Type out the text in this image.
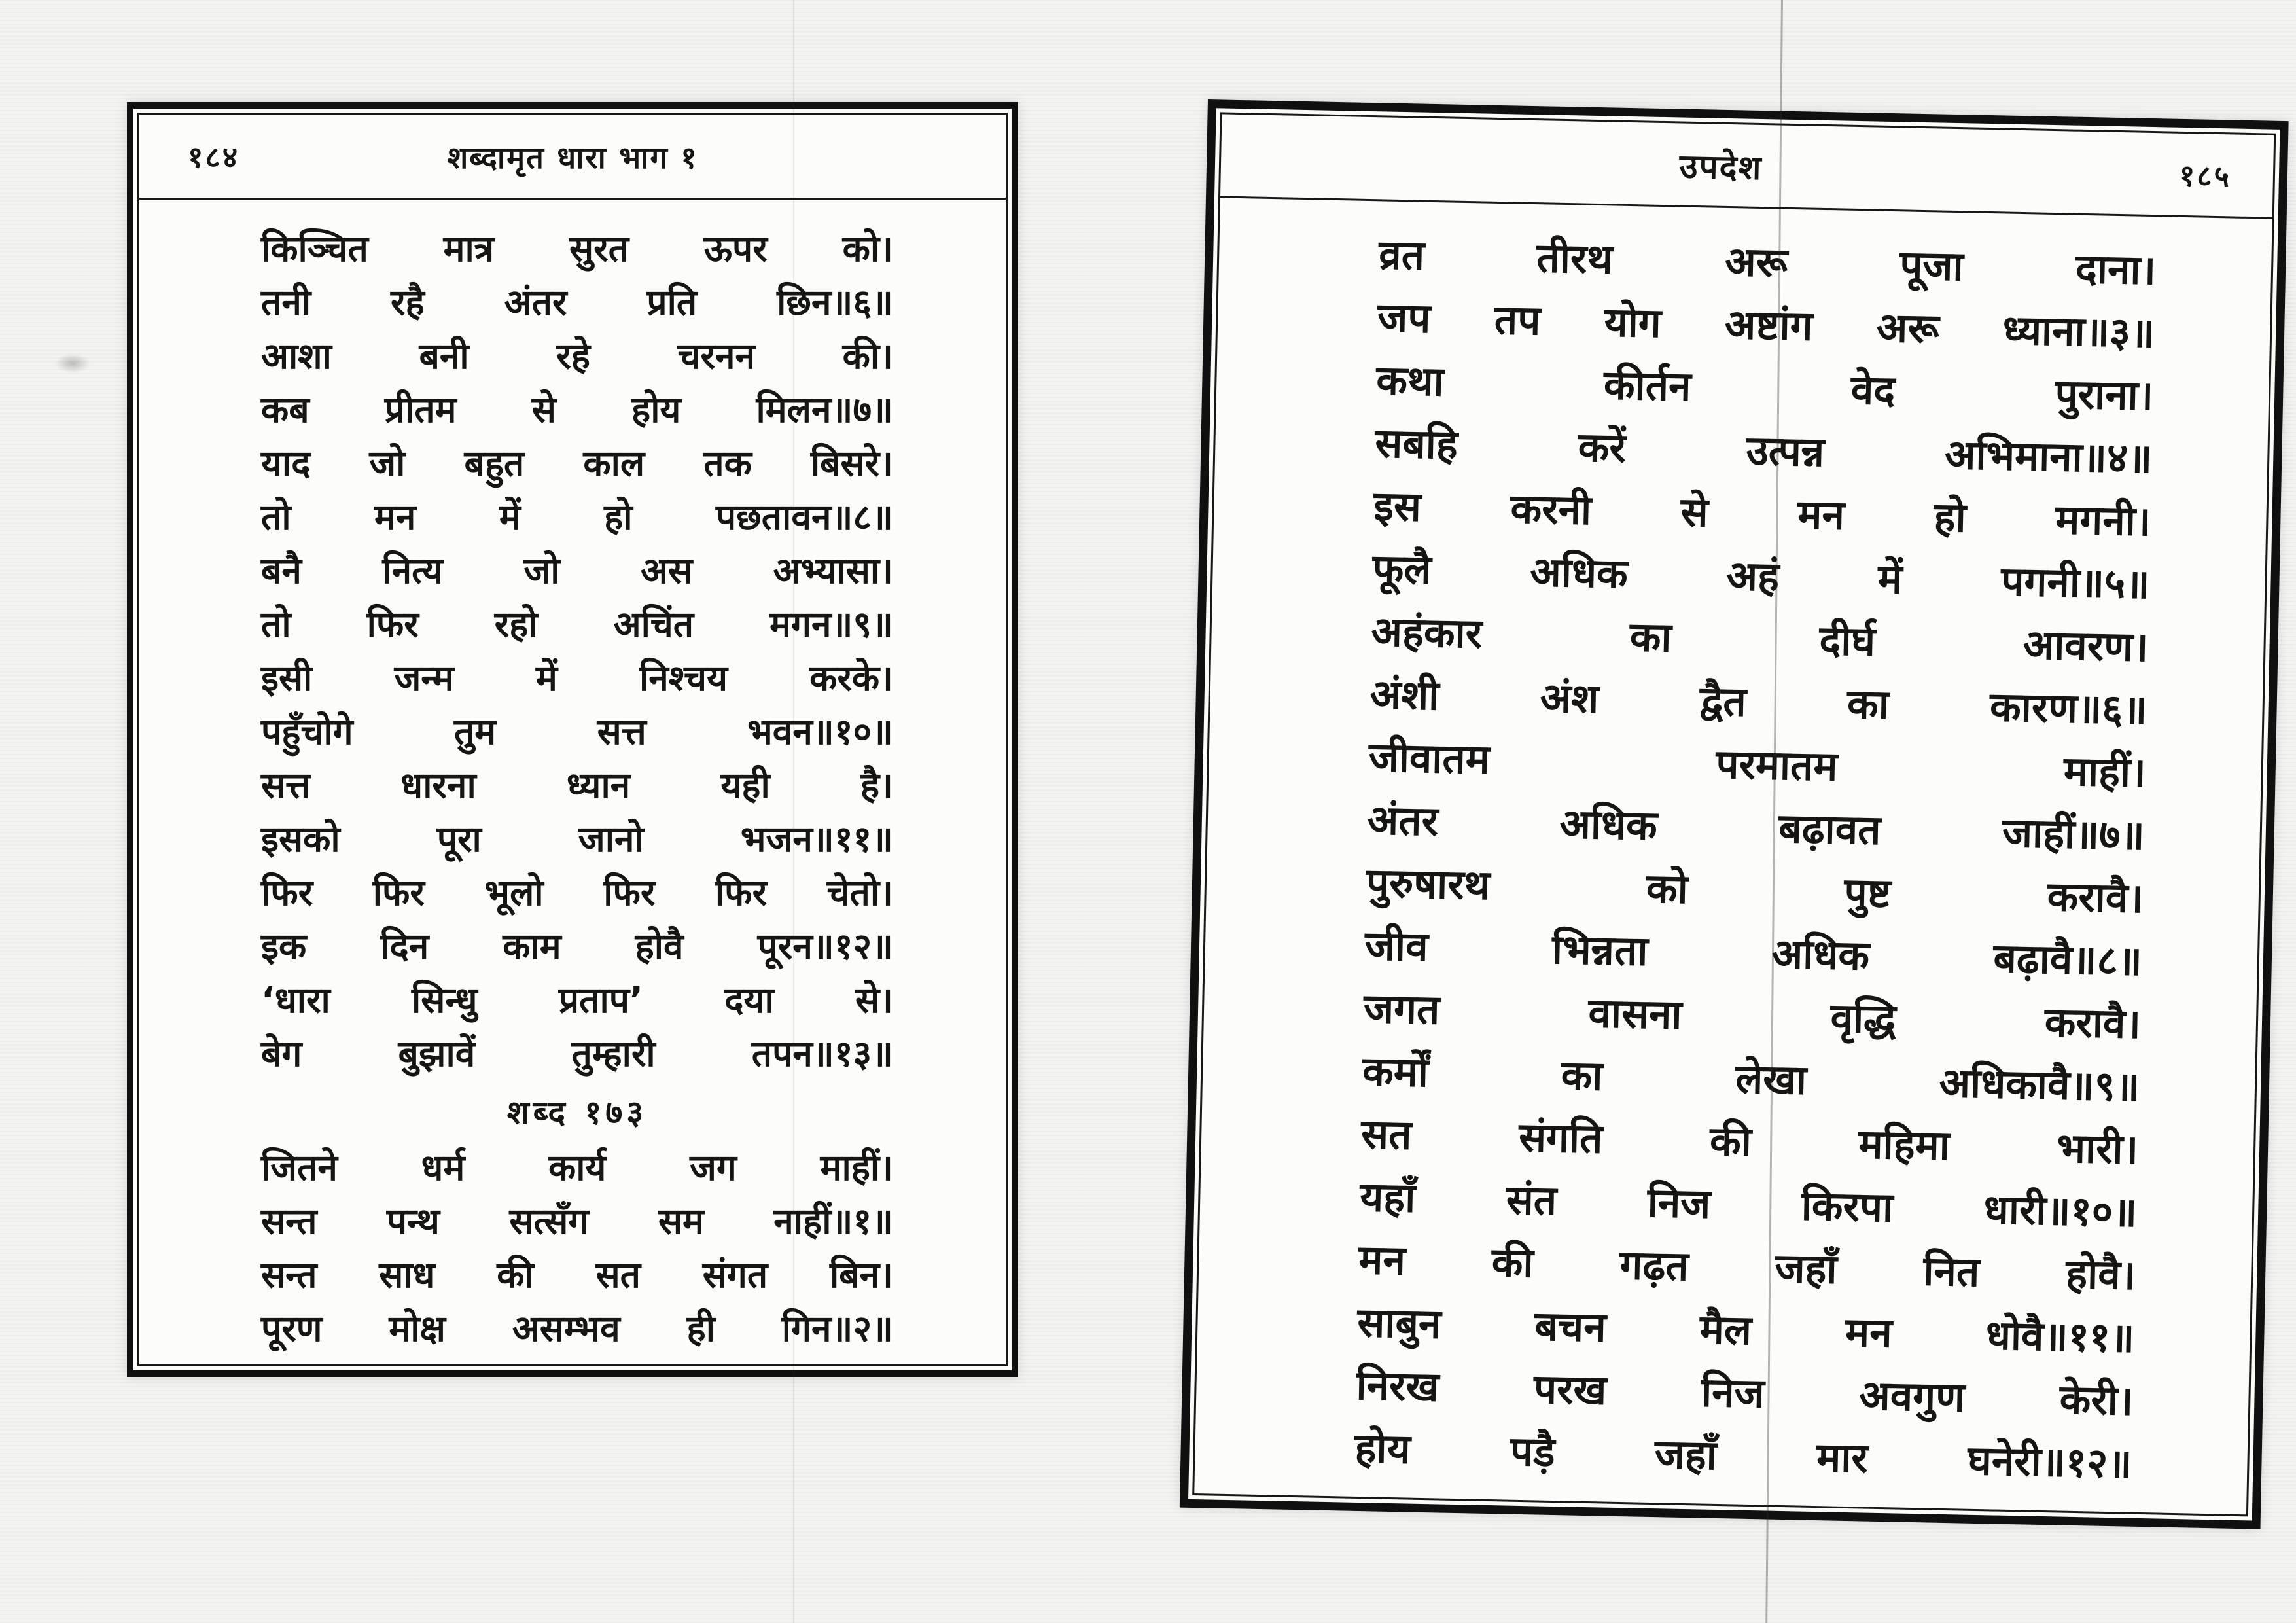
१८४	शब्दामृत धारा भाग १
किञ्चित मात्र सुरत ऊपर को।
तनी रहै अंतर प्रति छिन॥६॥
आशा बनी रहे चरनन की।
कब प्रीतम से होय मिलन॥७॥
याद जो बहुत काल तक बिसरे।
तो मन में हो पछतावन॥८॥
बनै नित्य जो अस अभ्यासा।
तो फिर रहो अचिंत मगन॥९॥
इसी जन्म में निश्चय करके।
पहुँचोगे तुम सत्त भवन॥१०॥
सत्त धारना ध्यान यही है।
इसको पूरा जानो भजन॥११॥
फिर फिर भूलो फिर फिर चेतो।
इक दिन काम होवै पूरन॥१२॥
‘धारा सिन्धु प्रताप’ दया से।
बेग बुझावें तुम्हारी तपन॥१३॥
शब्द १७३
जितने धर्म कार्य जग माहीं।
सन्त पन्थ सत्सँग सम नाहीं॥१॥
सन्त साध की सत संगत बिन।
पूरण मोक्ष असम्भव ही गिन॥२॥
उपदेश	१८५
व्रत तीरथ अरू पूजा दाना।
जप तप योग अष्टांग अरू ध्याना॥३॥
कथा कीर्तन वेद पुराना।
सबहि करें उत्पन्न अभिमाना॥४॥
इस करनी से मन हो मगनी।
फूलै अधिक अहं में पगनी॥५॥
अहंकार का दीर्घ आवरण।
अंशी अंश द्वैत का कारण॥६॥
जीवातम परमातम माहीं।
अंतर अधिक बढ़ावत जाहीं॥७॥
पुरुषारथ को पुष्ट करावै।
जीव भिन्नता अधिक बढ़ावै॥८॥
जगत वासना वृद्धि करावै।
कर्मों का लेखा अधिकावै॥९॥
सत संगति की महिमा भारी।
यहाँ संत निज किरपा धारी॥१०॥
मन की गढ़त जहाँ नित होवै।
साबुन बचन मैल मन धोवै॥११॥
निरख परख निज अवगुण केरी।
होय पड़ै जहाँ मार घनेरी॥१२॥
